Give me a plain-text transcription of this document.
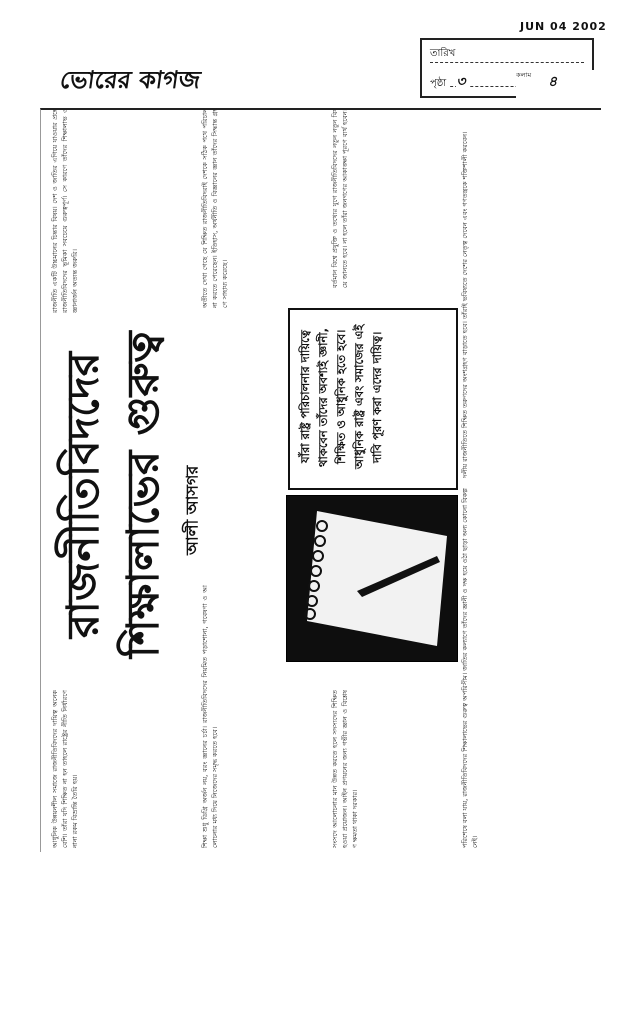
JUN 04 2002
ভোরের কাগজ
তারিখ
পৃষ্ঠা ৩	কলাম	৪
রাজনীতি একটি উচ্চমানের চিন্তার বিষয়। দেশ ও জাতির এগিয়ে যাওয়ার প্রশ্নে রাজনীতিবিদদের ভূমিকা সবচেয়ে গুরুত্বপূর্ণ। সে কারণে তাঁদের শিক্ষালাভ ও জ্ঞানার্জন অত্যন্ত জরুরি।
আধুনিক উন্নয়নশীল সমাজে রাজনীতিবিদদের দায়িত্ব অনেক বেশি। তাঁরা যদি শিক্ষিত না হন তাহলে রাষ্ট্রের নীতি নির্ধারণে নানা রকম বিভ্রান্তি তৈরি হয়।
অতীতে দেখা গেছে যে শিক্ষিত রাজনীতিবিদরাই দেশকে সঠিক পথে পরিচালনা করতে পেরেছেন। ইতিহাস, অর্থনীতি ও বিজ্ঞানের জ্ঞান তাঁদের সিদ্ধান্ত গ্রহণে সাহায্য করেছে।	বর্তমান বিশ্বে প্রযুক্তি ও তথ্যের যুগে রাজনীতিবিদদের নতুন নতুন বিষয়ে জানতে হবে। না হলে তাঁরা জনগণের আকাঙ্ক্ষা পূরণে ব্যর্থ হবেন।
শিক্ষা শুধু ডিগ্রি অর্জন নয়, বরং জ্ঞানের চর্চা। রাজনীতিবিদদের নিয়মিত পড়াশোনা, গবেষণা ও আলোচনার মধ্য দিয়ে নিজেদের সমৃদ্ধ করতে হবে।	সংসদে আলোচনার মান উন্নত করতে হলে সদস্যদের শিক্ষিত হওয়া প্রয়োজন। আইন প্রণয়নের জন্য গভীর জ্ঞান ও বিশ্লেষণ ক্ষমতা থাকা দরকার।
দলীয় রাজনীতিতে শিক্ষিত তরুণদের অংশগ্রহণ বাড়াতে হবে। তাঁরাই ভবিষ্যতে দেশের নেতৃত্ব দেবেন এবং গণতন্ত্রকে শক্তিশালী করবেন।
পরিশেষে বলা যায়, রাজনীতিবিদদের শিক্ষালাভের গুরুত্ব অপরিসীম। জাতির কল্যাণে তাঁদের জ্ঞানী ও দক্ষ হয়ে ওঠা ছাড়া অন্য কোনো বিকল্প নেই।
রাজনীতিবিদদের শিক্ষালাভের গুরুত্ব আলী আসগর
যাঁরা রাষ্ট্র পরিচালনার দায়িত্বে থাকবেন তাঁদের অবশ্যই জ্ঞানী, শিক্ষিত ও আধুনিক হতে হবে। আধুনিক রাষ্ট্র এবং সমাজের এই দাবি পূরণ করা এদের দায়িত্ব।
